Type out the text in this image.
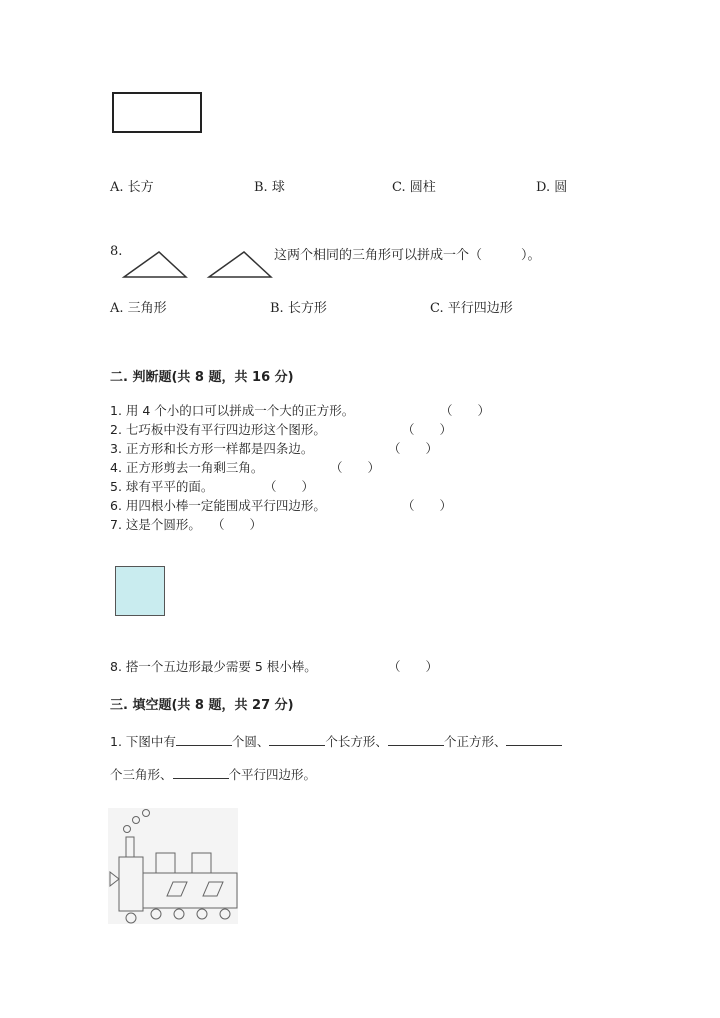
A. 长方	B. 球	C. 圆柱	D. 圆
8.	这两个相同的三角形可以拼成一个（　　　）。
A. 三角形	B. 长方形	C. 平行四边形
二. 判断题(共 8 题，共 16 分)
1. 用 4 个小的口可以拼成一个大的正方形。	（　　）
2. 七巧板中没有平行四边形这个图形。	（　　）
3. 正方形和长方形一样都是四条边。	（　　）
4. 正方形剪去一角剩三角。	（　　）
5. 球有平平的面。	（　　）
6. 用四根小棒一定能围成平行四边形。	（　　）
7. 这是个圆形。 （　　）
8. 搭一个五边形最少需要 5 根小棒。	（　　）
三. 填空题(共 8 题，共 27 分)
1. 下图中有	个圆、	个长方形、	个正方形、
个三角形、	个平行四边形。
